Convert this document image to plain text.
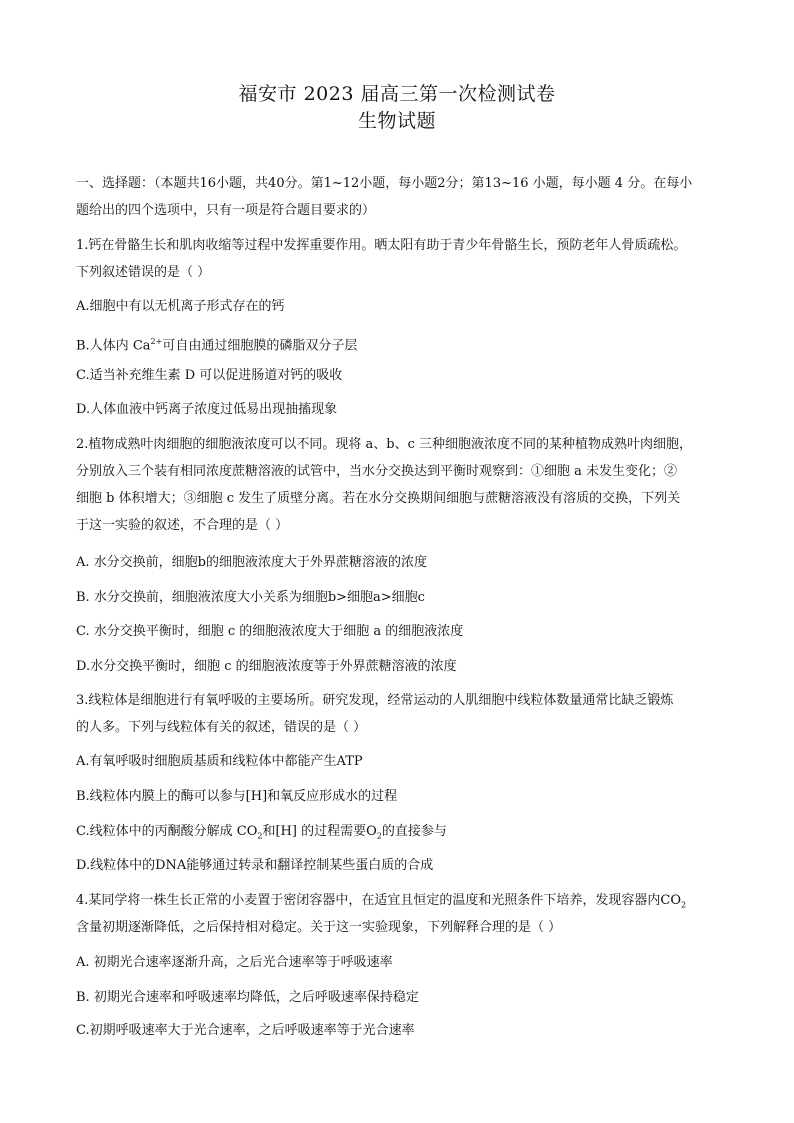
福安市 2023 届高三第一次检测试卷
生物试题
一、选择题：（本题共16小题，共40分。第1~12小题，每小题2分；第13~16 小题，每小题 4 分。在每小
题给出的四个选项中，只有一项是符合题目要求的）
1.钙在骨骼生长和肌肉收缩等过程中发挥重要作用。晒太阳有助于青少年骨骼生长，预防老年人骨质疏松。
下列叙述错误的是（ ）
A.细胞中有以无机离子形式存在的钙
B.人体内 $Ca^{2+}$可自由通过细胞膜的磷脂双分子层
C.适当补充维生素 D 可以促进肠道对钙的吸收
D.人体血液中钙离子浓度过低易出现抽搐现象
2.植物成熟叶肉细胞的细胞液浓度可以不同。现将 a、b、c 三种细胞液浓度不同的某种植物成熟叶肉细胞，
分别放入三个装有相同浓度蔗糖溶液的试管中，当水分交换达到平衡时观察到：①细胞 a 未发生变化；②
细胞 b 体积增大；③细胞 c 发生了质壁分离。若在水分交换期间细胞与蔗糖溶液没有溶质的交换，下列关
于这一实验的叙述，不合理的是（ ）
A. 水分交换前，细胞b的细胞液浓度大于外界蔗糖溶液的浓度
B. 水分交换前，细胞液浓度大小关系为细胞b>细胞a>细胞c
C. 水分交换平衡时，细胞 c 的细胞液浓度大于细胞 a 的细胞液浓度
D.水分交换平衡时，细胞 c 的细胞液浓度等于外界蔗糖溶液的浓度
3.线粒体是细胞进行有氧呼吸的主要场所。研究发现，经常运动的人肌细胞中线粒体数量通常比缺乏锻炼
的人多。下列与线粒体有关的叙述，错误的是（ ）
A.有氧呼吸时细胞质基质和线粒体中都能产生ATP
B.线粒体内膜上的酶可以参与[H]和氧反应形成水的过程
C.线粒体中的丙酮酸分解成 $CO_2$和[H] 的过程需要$O_2$的直接参与
D.线粒体中的DNA能够通过转录和翻译控制某些蛋白质的合成
4.某同学将一株生长正常的小麦置于密闭容器中，在适宜且恒定的温度和光照条件下培养，发现容器内$CO_2$
含量初期逐渐降低，之后保持相对稳定。关于这一实验现象，下列解释合理的是（ ）
A. 初期光合速率逐渐升高，之后光合速率等于呼吸速率
B. 初期光合速率和呼吸速率均降低，之后呼吸速率保持稳定
C.初期呼吸速率大于光合速率，之后呼吸速率等于光合速率
